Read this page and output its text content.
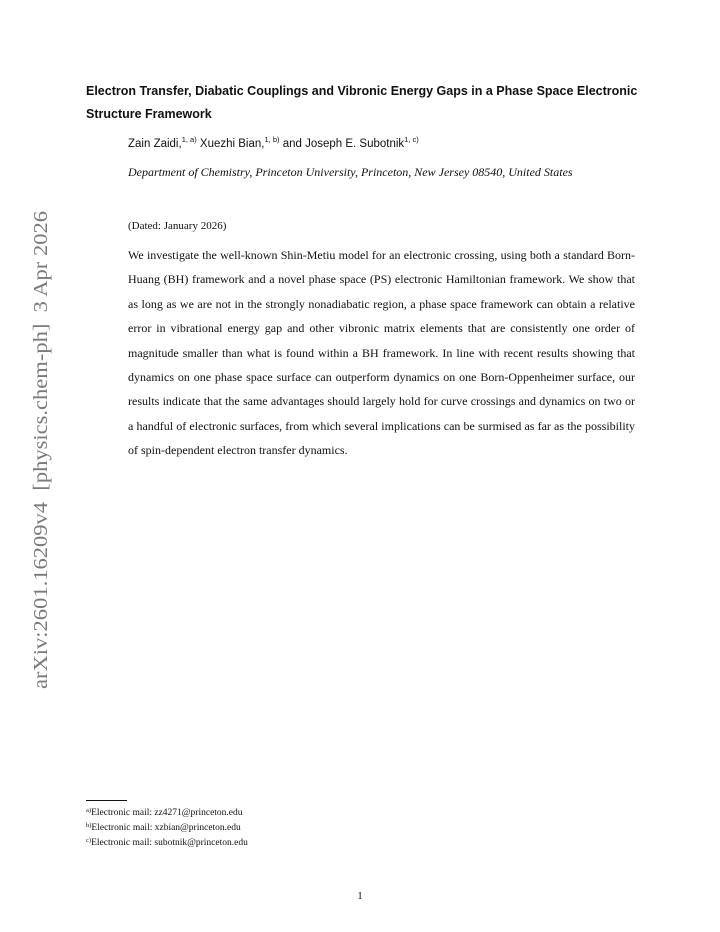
arXiv:2601.16209v4  [physics.chem-ph]  3 Apr 2026
Electron Transfer, Diabatic Couplings and Vibronic Energy Gaps in a Phase Space Electronic Structure Framework
Zain Zaidi,$^{1, a)}$ Xuezhi Bian,$^{1, b)}$ and Joseph E. Subotnik$^{1, c)}$
Department of Chemistry, Princeton University, Princeton, New Jersey 08540, United States
(Dated: January 2026)
We investigate the well-known Shin-Metiu model for an electronic crossing, using both a standard Born-Huang (BH) framework and a novel phase space (PS) electronic Hamiltonian framework. We show that as long as we are not in the strongly nonadiabatic region, a phase space framework can obtain a relative error in vibrational energy gap and other vibronic matrix elements that are consistently one order of magnitude smaller than what is found within a BH framework. In line with recent results showing that dynamics on one phase space surface can outperform dynamics on one Born-Oppenheimer surface, our results indicate that the same advantages should largely hold for curve crossings and dynamics on two or a handful of electronic surfaces, from which several implications can be surmised as far as the possibility of spin-dependent electron transfer dynamics.
$^{a)}$Electronic mail: zz4271@princeton.edu
$^{b)}$Electronic mail: xzbian@princeton.edu
$^{c)}$Electronic mail: subotnik@princeton.edu
1
